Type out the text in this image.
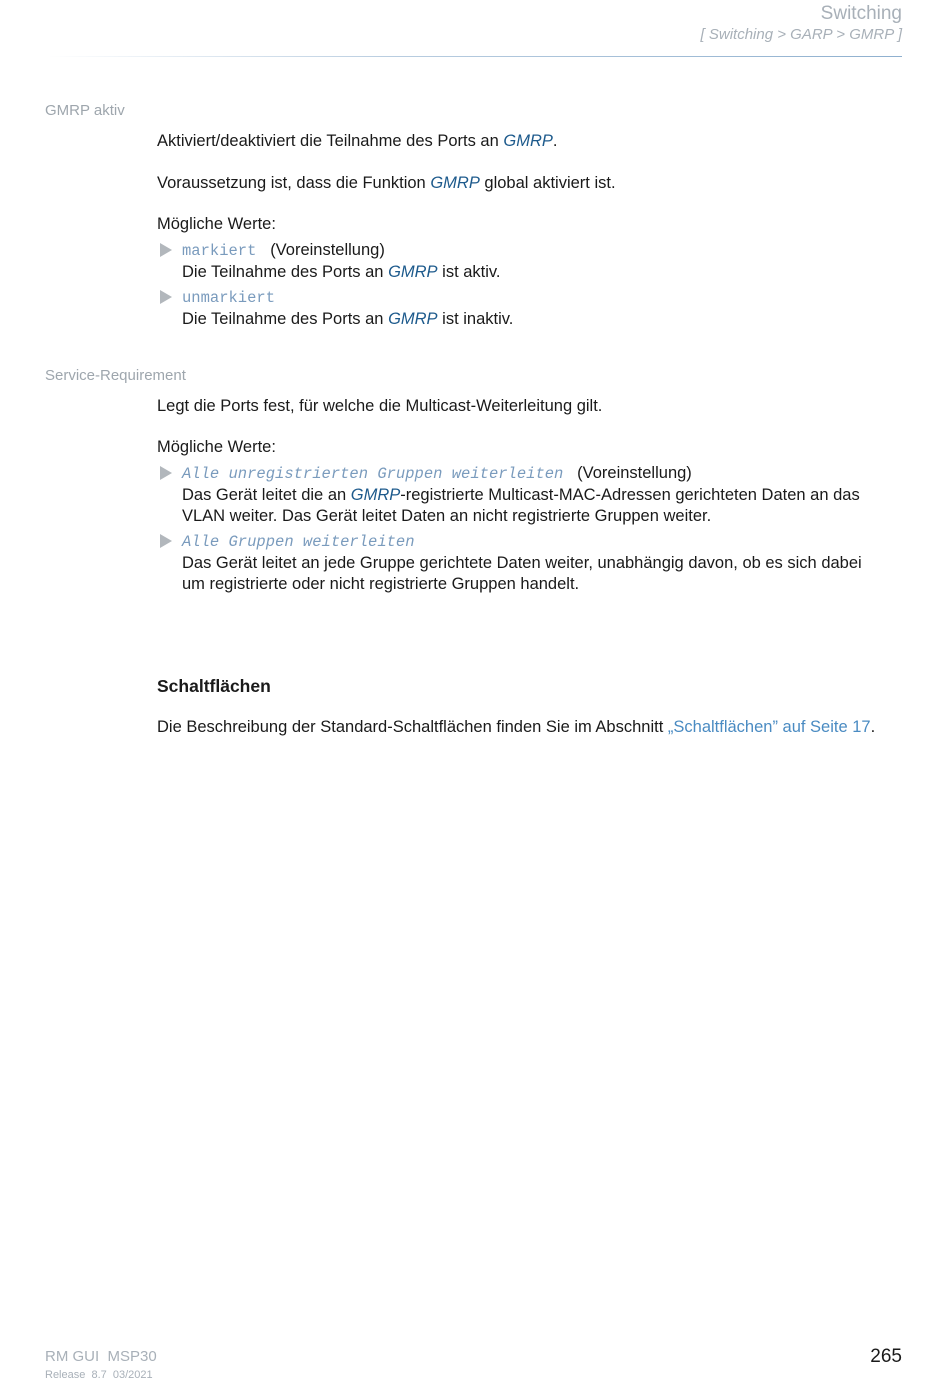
Switching
[ Switching > GARP > GMRP ]
GMRP aktiv
Aktiviert/deaktiviert die Teilnahme des Ports an GMRP.
Voraussetzung ist, dass die Funktion GMRP global aktiviert ist.
Mögliche Werte:
markiert (Voreinstellung)
Die Teilnahme des Ports an GMRP ist aktiv.
unmarkiert
Die Teilnahme des Ports an GMRP ist inaktiv.
Service-Requirement
Legt die Ports fest, für welche die Multicast-Weiterleitung gilt.
Mögliche Werte:
Alle unregistrierten Gruppen weiterleiten (Voreinstellung)
Das Gerät leitet die an GMRP-registrierte Multicast-MAC-Adressen gerichteten Daten an das
VLAN weiter. Das Gerät leitet Daten an nicht registrierte Gruppen weiter.
Alle Gruppen weiterleiten
Das Gerät leitet an jede Gruppe gerichtete Daten weiter, unabhängig davon, ob es sich dabei
um registrierte oder nicht registrierte Gruppen handelt.
Schaltflächen
Die Beschreibung der Standard-Schaltflächen finden Sie im Abschnitt „Schaltflächen” auf Seite 17.
RM GUI  MSP30
Release  8.7  03/2021
265
